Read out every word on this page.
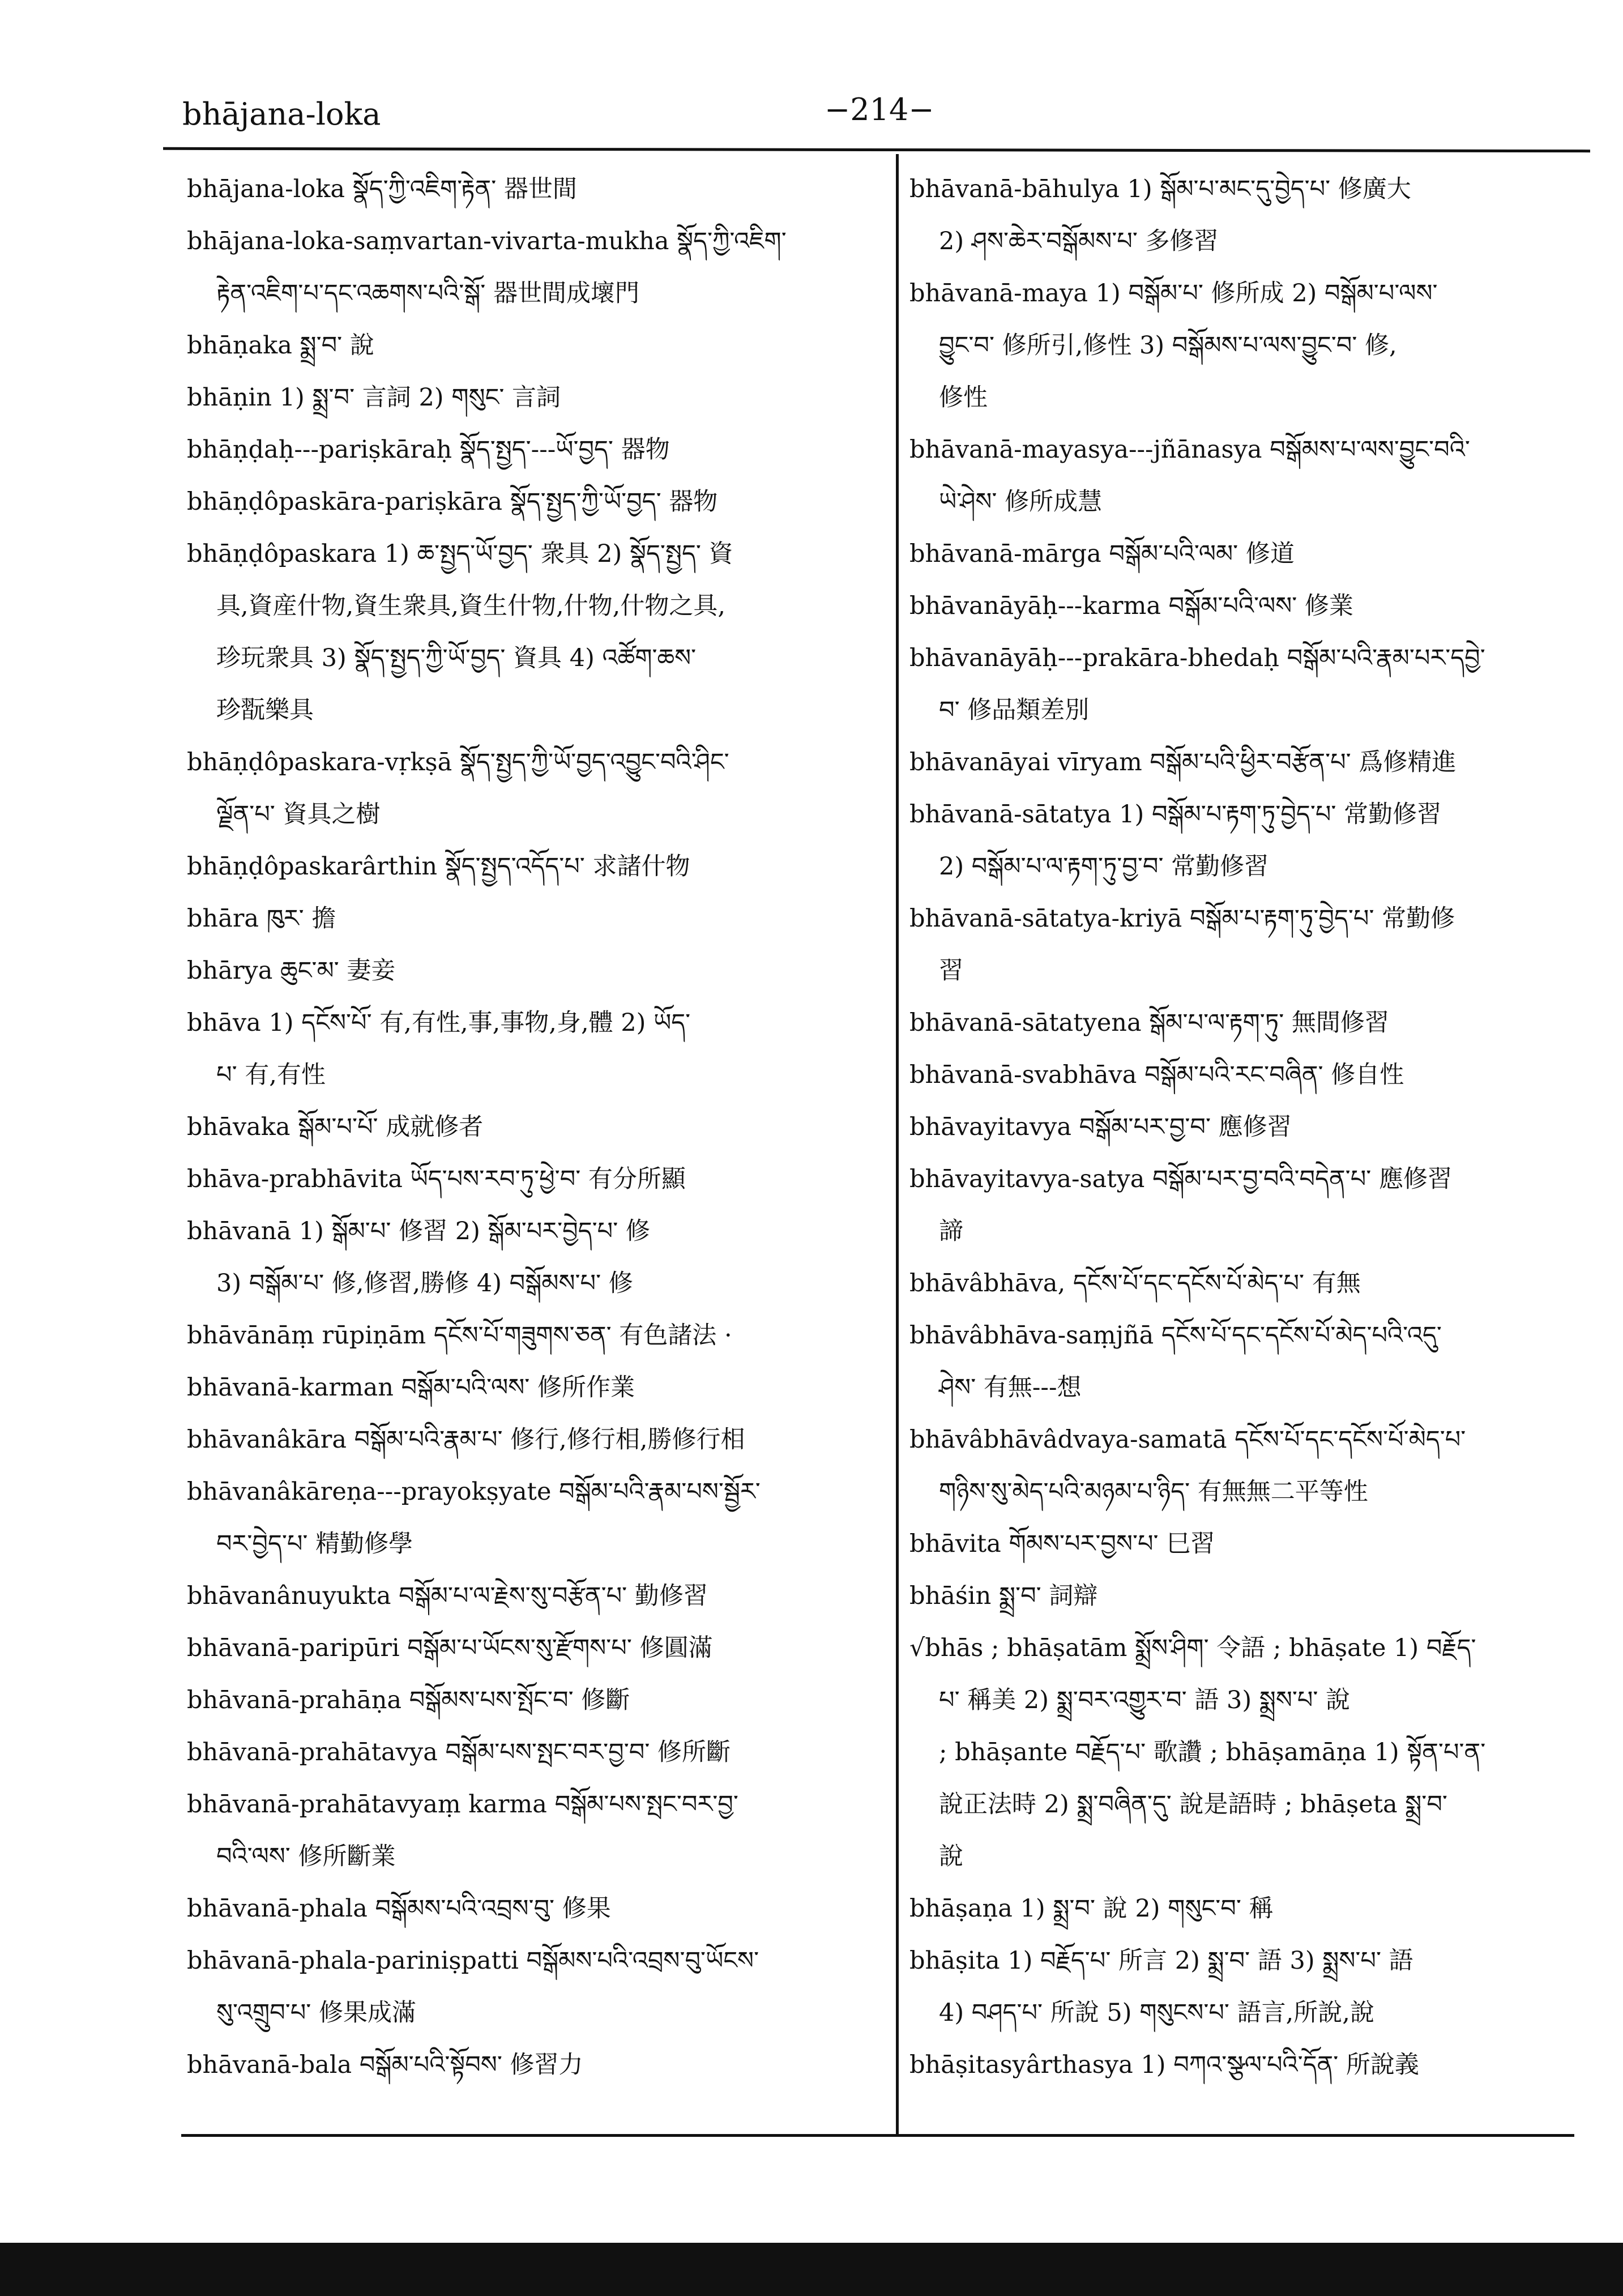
bhājana-loka	−214−
bhājana-loka སྣོད་ཀྱི་འཇིག་རྟེན་ 器世間
bhājana-loka-saṃvartan-vivarta-mukha སྣོད་ཀྱི་འཇིག་
རྟེན་འཇིག་པ་དང་འཆགས་པའི་སྒོ་ 器世間成壞門
bhāṇaka སྨྲ་བ་ 說
bhāṇin 1) སྨྲ་བ་ 言詞 2) གསུང་ 言詞
bhāṇḍaḥ---pariṣkāraḥ སྣོད་སྤྱད་---ཡོ་བྱད་ 器物
bhāṇḍôpaskāra-pariṣkāra སྣོད་སྤྱད་ཀྱི་ཡོ་བྱད་ 器物
bhāṇḍôpaskara 1) ཆ་སྤྱད་ཡོ་བྱད་ 衆具 2) སྣོད་སྤྱད་ 資
具,資産什物,資生衆具,資生什物,什物,什物之具,
珍玩衆具 3) སྣོད་སྤྱད་ཀྱི་ཡོ་བྱད་ 資具 4) འཚོག་ཆས་
珍翫樂具
bhāṇḍôpaskara-vṛkṣā སྣོད་སྤྱད་ཀྱི་ཡོ་བྱད་འབྱུང་བའི་ཤིང་
ལྗོན་པ་ 資具之樹
bhāṇḍôpaskarârthin སྣོད་སྤྱད་འདོད་པ་ 求諸什物
bhāra ཁུར་ 擔
bhārya ཆུང་མ་ 妻妾
bhāva 1) དངོས་པོ་ 有,有性,事,事物,身,體 2) ཡོད་
པ་ 有,有性
bhāvaka སྒོམ་པ་པོ་ 成就修者
bhāva-prabhāvita ཡོད་པས་རབ་ཏུ་ཕྱེ་བ་ 有分所顯
bhāvanā 1) སྒོམ་པ་ 修習 2) སྒོམ་པར་བྱེད་པ་ 修
3) བསྒོམ་པ་ 修,修習,勝修 4) བསྒོམས་པ་ 修
bhāvānāṃ rūpiṇām དངོས་པོ་གཟུགས་ཅན་ 有色諸法 ·
bhāvanā-karman བསྒོམ་པའི་ལས་ 修所作業
bhāvanâkāra བསྒོམ་པའི་རྣམ་པ་ 修行,修行相,勝修行相
bhāvanâkāreṇa---prayokṣyate བསྒོམ་པའི་རྣམ་པས་སྦྱོར་
བར་བྱེད་པ་ 精勤修學
bhāvanânuyukta བསྒོམ་པ་ལ་རྗེས་སུ་བརྩོན་པ་ 勤修習
bhāvanā-paripūri བསྒོམ་པ་ཡོངས་སུ་རྫོགས་པ་ 修圓滿
bhāvanā-prahāṇa བསྒོམས་པས་སྤོང་བ་ 修斷
bhāvanā-prahātavya བསྒོམ་པས་སྤང་བར་བྱ་བ་ 修所斷
bhāvanā-prahātavyaṃ karma བསྒོམ་པས་སྤང་བར་བྱ་
བའི་ལས་ 修所斷業
bhāvanā-phala བསྒོམས་པའི་འབྲས་བུ་ 修果
bhāvanā-phala-pariniṣpatti བསྒོམས་པའི་འབྲས་བུ་ཡོངས་
སུ་འགྲུབ་པ་ 修果成滿
bhāvanā-bala བསྒོམ་པའི་སྟོབས་ 修習力
bhāvanā-bāhulya 1) སྒོམ་པ་མང་དུ་བྱེད་པ་ 修廣大
2) ཤས་ཆེར་བསྒོམས་པ་ 多修習
bhāvanā-maya 1) བསྒོམ་པ་ 修所成 2) བསྒོམ་པ་ལས་
བྱུང་བ་ 修所引,修性 3) བསྒོམས་པ་ལས་བྱུང་བ་ 修,
修性
bhāvanā-mayasya---jñānasya བསྒོམས་པ་ལས་བྱུང་བའི་
ཡེ་ཤེས་ 修所成慧
bhāvanā-mārga བསྒོམ་པའི་ལམ་ 修道
bhāvanāyāḥ---karma བསྒོམ་པའི་ལས་ 修業
bhāvanāyāḥ---prakāra-bhedaḥ བསྒོམ་པའི་རྣམ་པར་དབྱེ་
བ་ 修品類差別
bhāvanāyai vīryam བསྒོམ་པའི་ཕྱིར་བརྩོན་པ་ 爲修精進
bhāvanā-sātatya 1) བསྒོམ་པ་རྟག་ཏུ་བྱེད་པ་ 常勤修習
2) བསྒོམ་པ་ལ་རྟག་ཏུ་བྱ་བ་ 常勤修習
bhāvanā-sātatya-kriyā བསྒོམ་པ་རྟག་ཏུ་བྱེད་པ་ 常勤修
習
bhāvanā-sātatyena སྒོམ་པ་ལ་རྟག་ཏུ་ 無間修習
bhāvanā-svabhāva བསྒོམ་པའི་རང་བཞིན་ 修自性
bhāvayitavya བསྒོམ་པར་བྱ་བ་ 應修習
bhāvayitavya-satya བསྒོམ་པར་བྱ་བའི་བདེན་པ་ 應修習
諦
bhāvâbhāva, དངོས་པོ་དང་དངོས་པོ་མེད་པ་ 有無
bhāvâbhāva-saṃjñā དངོས་པོ་དང་དངོས་པོ་མེད་པའི་འདུ་
ཤེས་ 有無---想
bhāvâbhāvâdvaya-samatā དངོས་པོ་དང་དངོས་པོ་མེད་པ་
གཉིས་སུ་མེད་པའི་མཉམ་པ་ཉིད་ 有無無二平等性
bhāvita གོམས་པར་བྱས་པ་ 巳習
bhāśin སྨྲ་བ་ 詞辯
√bhās ; bhāṣatām སྨྲོས་ཤིག་ 令語 ; bhāṣate 1) བརྗོད་
པ་ 稱美 2) སྨྲ་བར་འགྱུར་བ་ 語 3) སྨྲས་པ་ 說
; bhāṣante བརྗོད་པ་ 歌讚 ; bhāṣamāṇa 1) སྟོན་པ་ན་
說正法時 2) སྨྲ་བཞིན་དུ་ 說是語時 ; bhāṣeta སྨྲ་བ་
說
bhāṣaṇa 1) སྨྲ་བ་ 說 2) གསུང་བ་ 稱
bhāṣita 1) བརྗོད་པ་ 所言 2) སྨྲ་བ་ 語 3) སྨྲས་པ་ 語
4) བཤད་པ་ 所說 5) གསུངས་པ་ 語言,所說,說
bhāṣitasyârthasya 1) བཀའ་སྩལ་པའི་དོན་ 所說義
